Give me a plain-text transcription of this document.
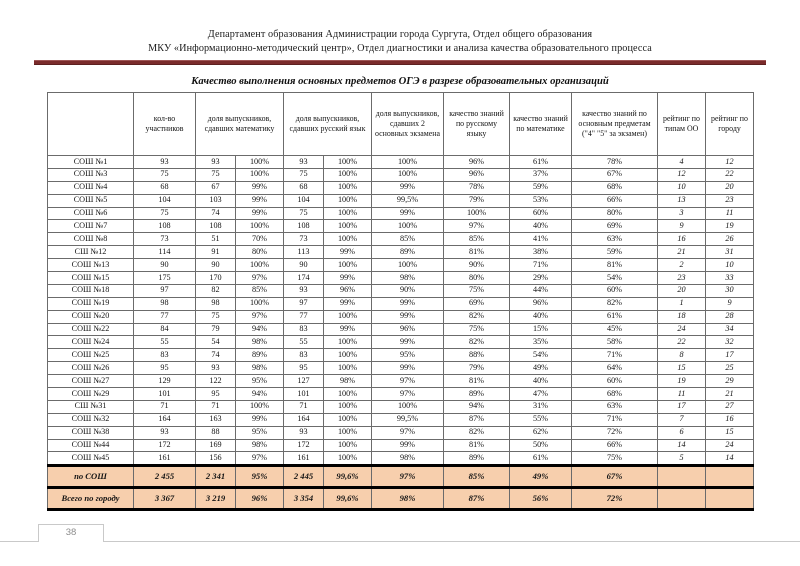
Департамент образования Администрации города Сургута, Отдел общего образования
МКУ «Информационно-методический центр», Отдел диагностики и анализа качества образовательного процесса
Качество выполнения основных предметов ОГЭ в разрезе образовательных организаций
	кол-во участников	доля выпускников, сдавших математику		доля выпускников, сдавших русский язык		доля выпускников, сдавших 2 основных экзамена	качество знаний по русскому языку	качество знаний по математике	качество знаний по основным предметам ("4" "5" за экзамен)	рейтинг по типам ОО	рейтинг по городу
СОШ №1	93	93	100%	93	100%	100%	96%	61%	78%	4	12
СОШ №3	75	75	100%	75	100%	100%	96%	37%	67%	12	22
СОШ №4	68	67	99%	68	100%	99%	78%	59%	68%	10	20
СОШ №5	104	103	99%	104	100%	99,5%	79%	53%	66%	13	23
СОШ №6	75	74	99%	75	100%	99%	100%	60%	80%	3	11
СОШ №7	108	108	100%	108	100%	100%	97%	40%	69%	9	19
СОШ №8	73	51	70%	73	100%	85%	85%	41%	63%	16	26
СШ №12	114	91	80%	113	99%	89%	81%	38%	59%	21	31
СОШ №13	90	90	100%	90	100%	100%	90%	71%	81%	2	10
СОШ №15	175	170	97%	174	99%	98%	80%	29%	54%	23	33
СОШ №18	97	82	85%	93	96%	90%	75%	44%	60%	20	30
СОШ №19	98	98	100%	97	99%	99%	69%	96%	82%	1	9
СОШ №20	77	75	97%	77	100%	99%	82%	40%	61%	18	28
СОШ №22	84	79	94%	83	99%	96%	75%	15%	45%	24	34
СОШ №24	55	54	98%	55	100%	99%	82%	35%	58%	22	32
СОШ №25	83	74	89%	83	100%	95%	88%	54%	71%	8	17
СОШ №26	95	93	98%	95	100%	99%	79%	49%	64%	15	25
СОШ №27	129	122	95%	127	98%	97%	81%	40%	60%	19	29
СОШ №29	101	95	94%	101	100%	97%	89%	47%	68%	11	21
СШ №31	71	71	100%	71	100%	100%	94%	31%	63%	17	27
СОШ №32	164	163	99%	164	100%	99,5%	87%	55%	71%	7	16
СОШ №38	93	88	95%	93	100%	97%	82%	62%	72%	6	15
СОШ №44	172	169	98%	172	100%	99%	81%	50%	66%	14	24
СОШ №45	161	156	97%	161	100%	98%	89%	61%	75%	5	14
по СОШ	2 455	2 341	95%	2 445	99,6%	97%	85%	49%	67%		
Всего по городу	3 367	3 219	96%	3 354	99,6%	98%	87%	56%	72%		
38
